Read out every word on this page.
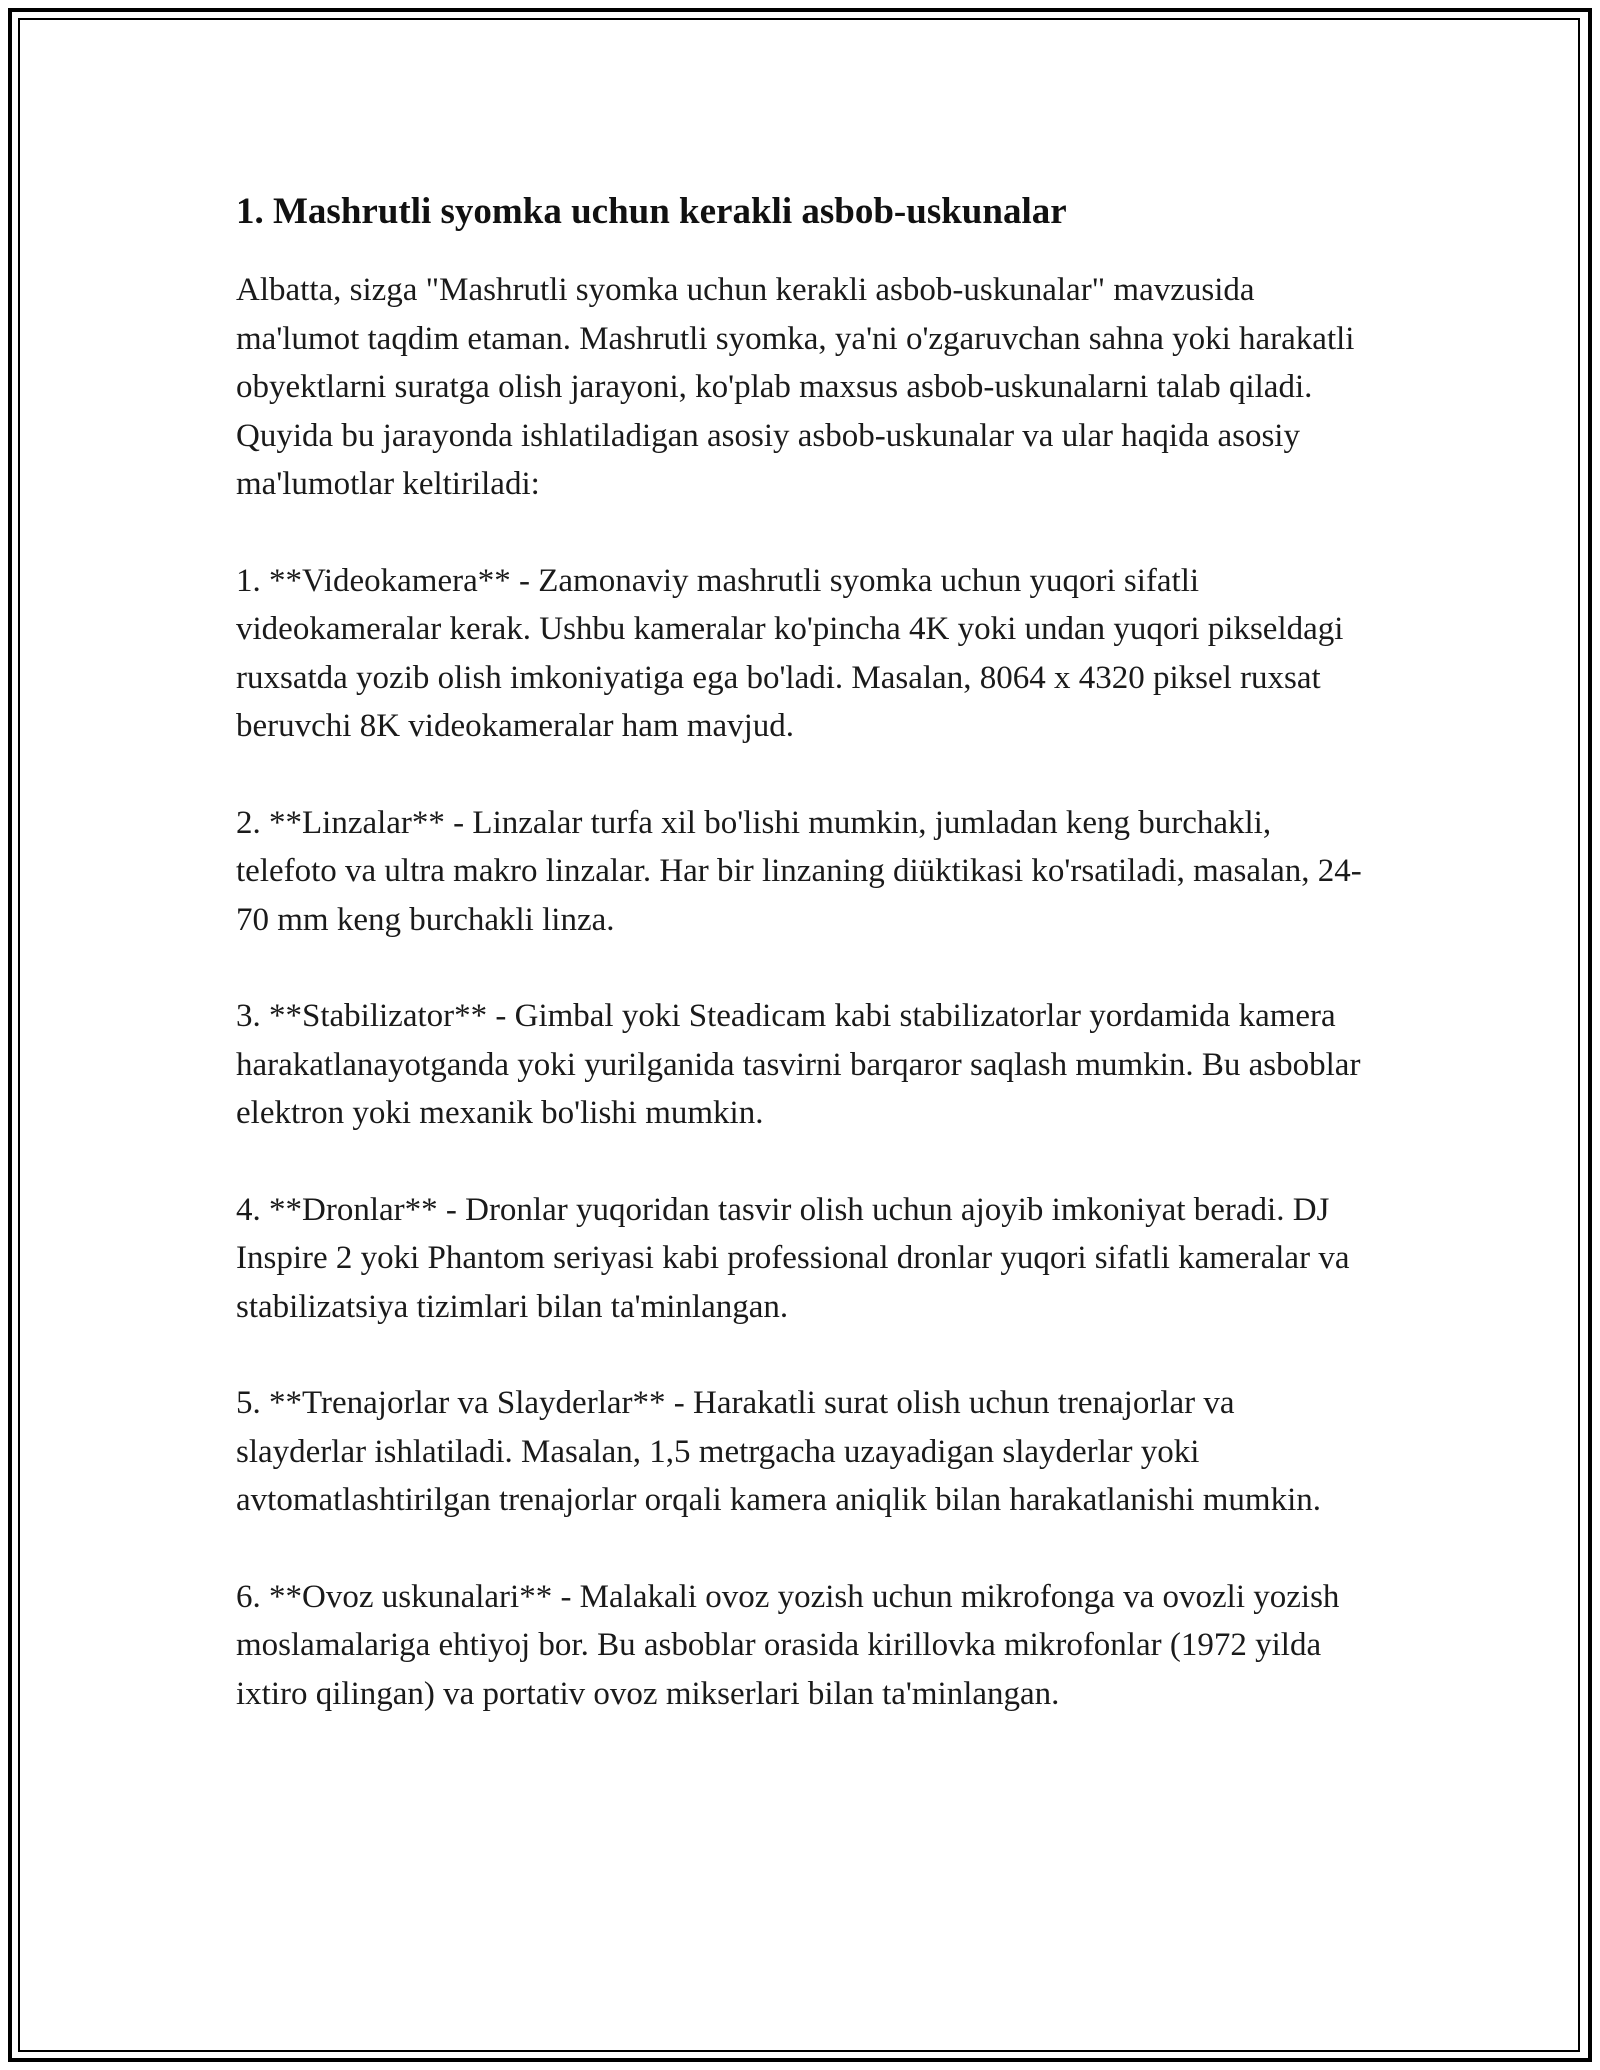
1. Mashrutli syomka uchun kerakli asbob-uskunalar

Albatta, sizga "Mashrutli syomka uchun kerakli asbob-uskunalar" mavzusida ma'lumot taqdim etaman. Mashrutli syomka, ya'ni o'zgaruvchan sahna yoki harakatli obyektlarni suratga olish jarayoni, ko'plab maxsus asbob-uskunalarni talab qiladi. Quyida bu jarayonda ishlatiladigan asosiy asbob-uskunalar va ular haqida asosiy ma'lumotlar keltiriladi:

1. **Videokamera** - Zamonaviy mashrutli syomka uchun yuqori sifatli videokameralar kerak. Ushbu kameralar ko'pincha 4K yoki undan yuqori pikseldagi ruxsatda yozib olish imkoniyatiga ega bo'ladi. Masalan, 8064 x 4320 piksel ruxsat beruvchi 8K videokameralar ham mavjud.

2. **Linzalar** - Linzalar turfa xil bo'lishi mumkin, jumladan keng burchakli, telefoto va ultra makro linzalar. Har bir linzaning diüktikasi ko'rsatiladi, masalan, 24-70 mm keng burchakli linza.

3. **Stabilizator** - Gimbal yoki Steadicam kabi stabilizatorlar yordamida kamera harakatlanayotganda yoki yurilganida tasvirni barqaror saqlash mumkin. Bu asboblar elektron yoki mexanik bo'lishi mumkin.

4. **Dronlar** - Dronlar yuqoridan tasvir olish uchun ajoyib imkoniyat beradi. DJ Inspire 2 yoki Phantom seriyasi kabi professional dronlar yuqori sifatli kameralar va stabilizatsiya tizimlari bilan ta'minlangan.

5. **Trenajorlar va Slayderlar** - Harakatli surat olish uchun trenajorlar va slayderlar ishlatiladi. Masalan, 1,5 metrgacha uzayadigan slayderlar yoki avtomatlashtirilgan trenajorlar orqali kamera aniqlik bilan harakatlanishi mumkin.

6. **Ovoz uskunalari** - Malakali ovoz yozish uchun mikrofonga va ovozli yozish moslamalariga ehtiyoj bor. Bu asboblar orasida kirillovka mikrofonlar (1972 yilda ixtiro qilingan) va portativ ovoz mikserlari bilan ta'minlangan.
